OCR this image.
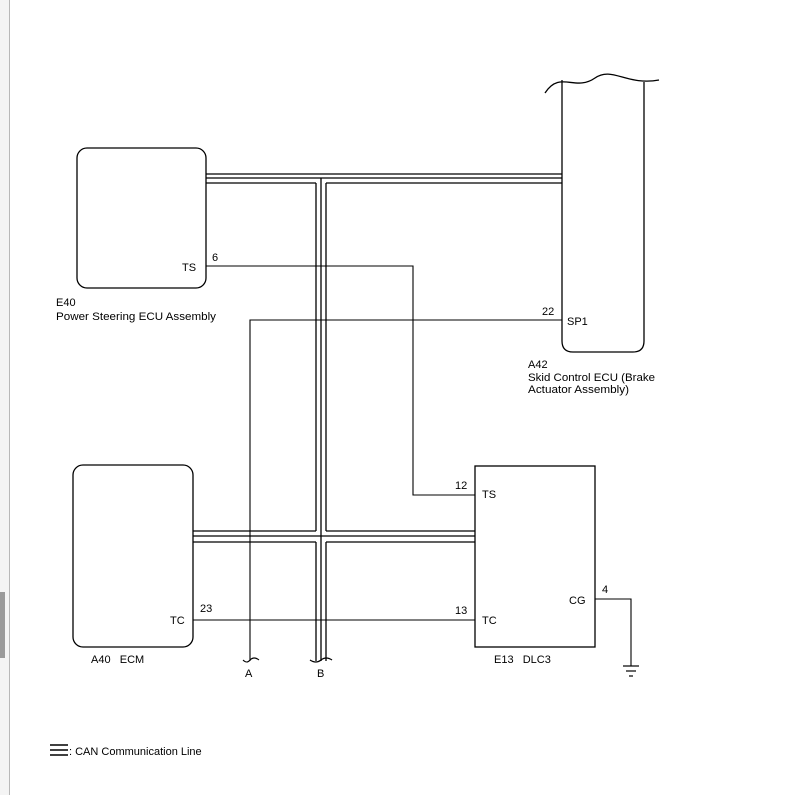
TS
6
E40
Power Steering ECU Assembly	22
SP1
A42
Skid Control ECU (Brake
Actuator Assembly)
TC
23
A40   ECM
12
TS
13
TC
CG
4
E13   DLC3
A	B
: CAN Communication Line
